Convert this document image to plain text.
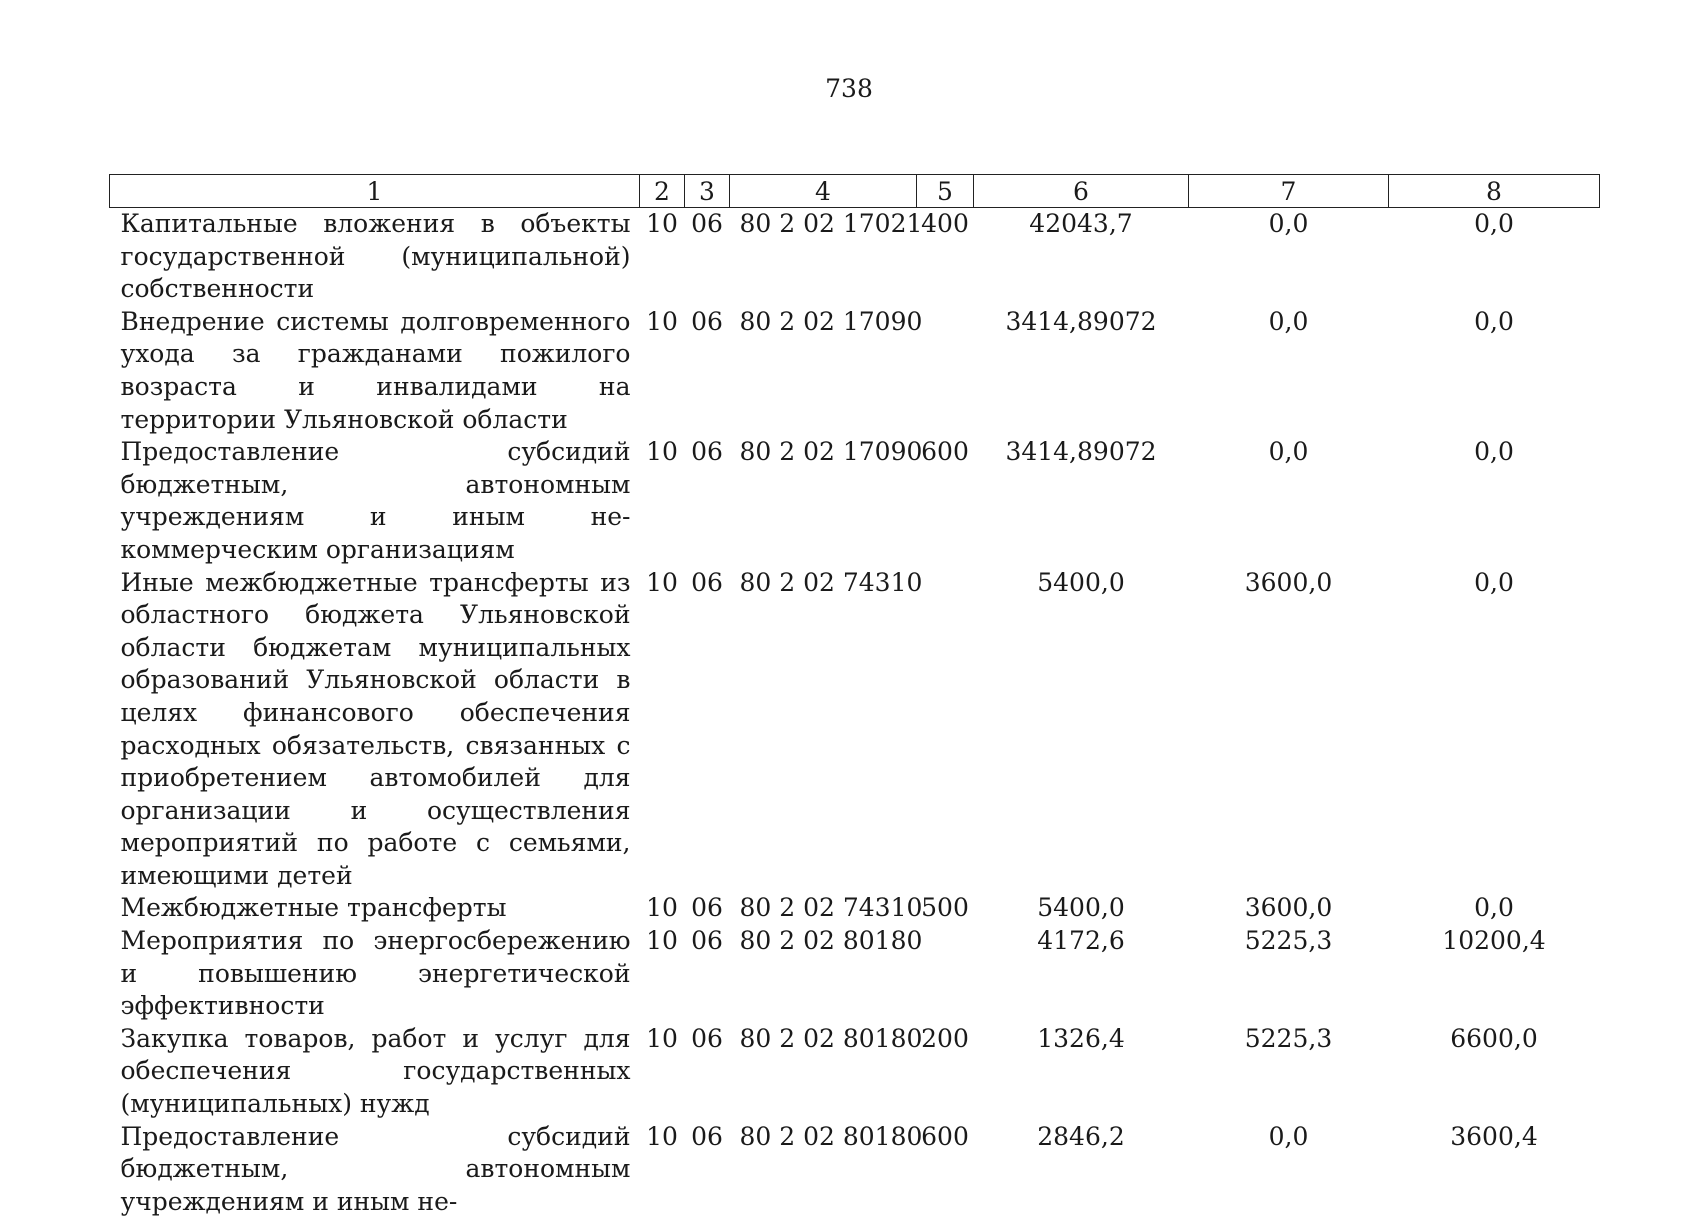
738
1	2	3	4	5	6	7	8
Капитальные вложения в объекты государственной (муниципальной) собственности	10	06	80 2 02 17021	400	42043,7	0,0	0,0
Внедрение системы долговременного ухода за гражданами пожилого возраста и инвалидами на территории Ульяновской области	10	06	80 2 02 17090		3414,89072	0,0	0,0
Предоставление субсидий бюджетным, автономным учреждениям и иным некоммерческим организациям	10	06	80 2 02 17090	600	3414,89072	0,0	0,0
Иные межбюджетные трансферты из областного бюджета Ульяновской области бюджетам муниципальных образований Ульяновской области в целях финансового обеспечения расходных обязательств, связанных с приобретением автомобилей для организации и осуществления мероприятий по работе с семьями, имеющими детей	10	06	80 2 02 74310		5400,0	3600,0	0,0
Межбюджетные трансферты	10	06	80 2 02 74310	500	5400,0	3600,0	0,0
Мероприятия по энергосбережению и повышению энергетической эффективности	10	06	80 2 02 80180		4172,6	5225,3	10200,4
Закупка товаров, работ и услуг для обеспечения государственных (муниципальных) нужд	10	06	80 2 02 80180	200	1326,4	5225,3	6600,0
Предоставление субсидий бюджетным, автономным учреждениям и иным не-	10	06	80 2 02 80180	600	2846,2	0,0	3600,4
